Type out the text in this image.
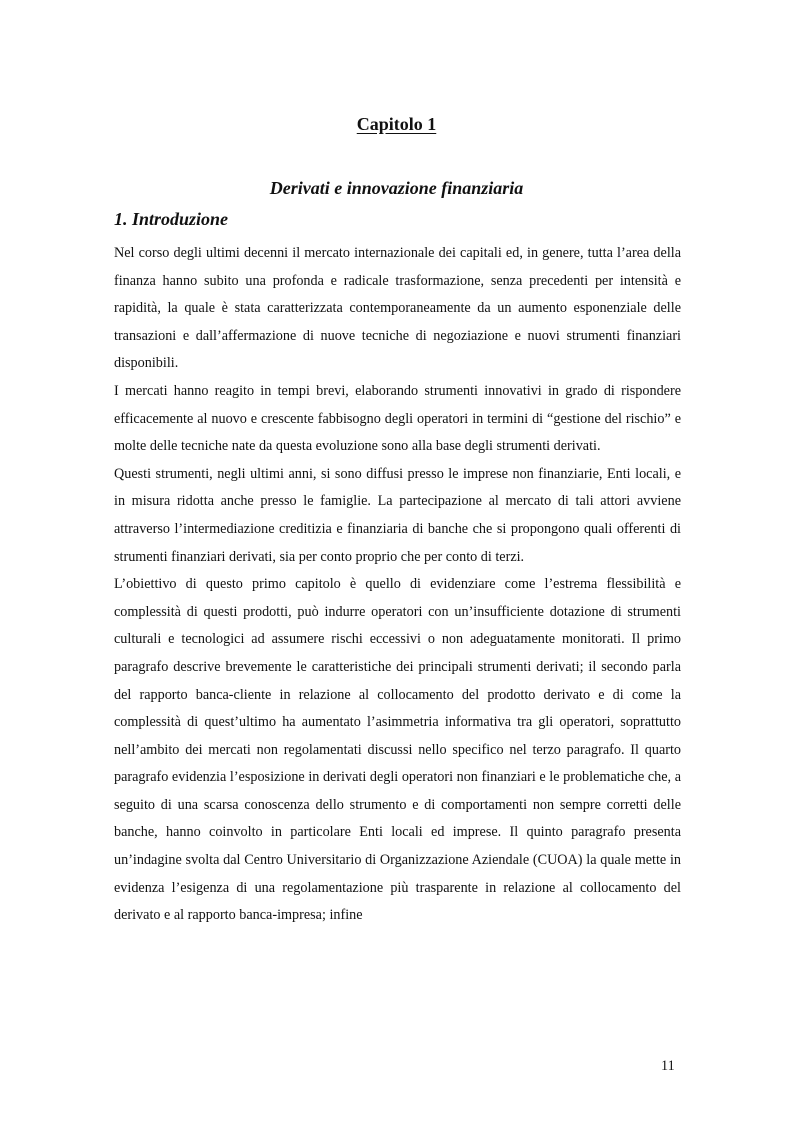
Capitolo 1
Derivati e innovazione finanziaria
1. Introduzione

Nel corso degli ultimi decenni il mercato internazionale dei capitali ed, in genere, tutta l’area della finanza hanno subito una profonda e radicale trasformazione, senza precedenti per intensità e rapidità, la quale è stata caratterizzata contemporaneamente da un aumento esponenziale delle transazioni e dall’affermazione di nuove tecniche di negoziazione e nuovi strumenti finanziari disponibili.

I mercati hanno reagito in tempi brevi, elaborando strumenti innovativi in grado di rispondere efficacemente al nuovo e crescente fabbisogno degli operatori in termini di “gestione del rischio” e molte delle tecniche nate da questa evoluzione sono alla base degli strumenti derivati.

Questi strumenti, negli ultimi anni, si sono diffusi presso le imprese non finanziarie, Enti locali, e in misura ridotta anche presso le famiglie. La partecipazione al mercato di tali attori avviene attraverso l’intermediazione creditizia e finanziaria di banche che si propongono quali offerenti di strumenti finanziari derivati, sia per conto proprio che per conto di terzi.

L’obiettivo di questo primo capitolo è quello di evidenziare come l’estrema flessibilità e complessità di questi prodotti, può indurre operatori con un’insufficiente dotazione di strumenti culturali e tecnologici ad assumere rischi eccessivi o non adeguatamente monitorati. Il primo paragrafo descrive brevemente le caratteristiche dei principali strumenti derivati; il secondo parla del rapporto banca-cliente in relazione al collocamento del prodotto derivato e di come la complessità di quest’ultimo ha aumentato l’asimmetria informativa tra gli operatori, soprattutto nell’ambito dei mercati non regolamentati discussi nello specifico nel terzo paragrafo. Il quarto paragrafo evidenzia l’esposizione in derivati degli operatori non finanziari e le problematiche che, a seguito di una scarsa conoscenza dello strumento e di comportamenti non sempre corretti delle banche, hanno coinvolto in particolare Enti locali ed imprese. Il quinto paragrafo presenta un’indagine svolta dal Centro Universitario di Organizzazione Aziendale (CUOA) la quale mette in evidenza l’esigenza di una regolamentazione più trasparente in relazione al collocamento del derivato e al rapporto banca-impresa; infine

11
